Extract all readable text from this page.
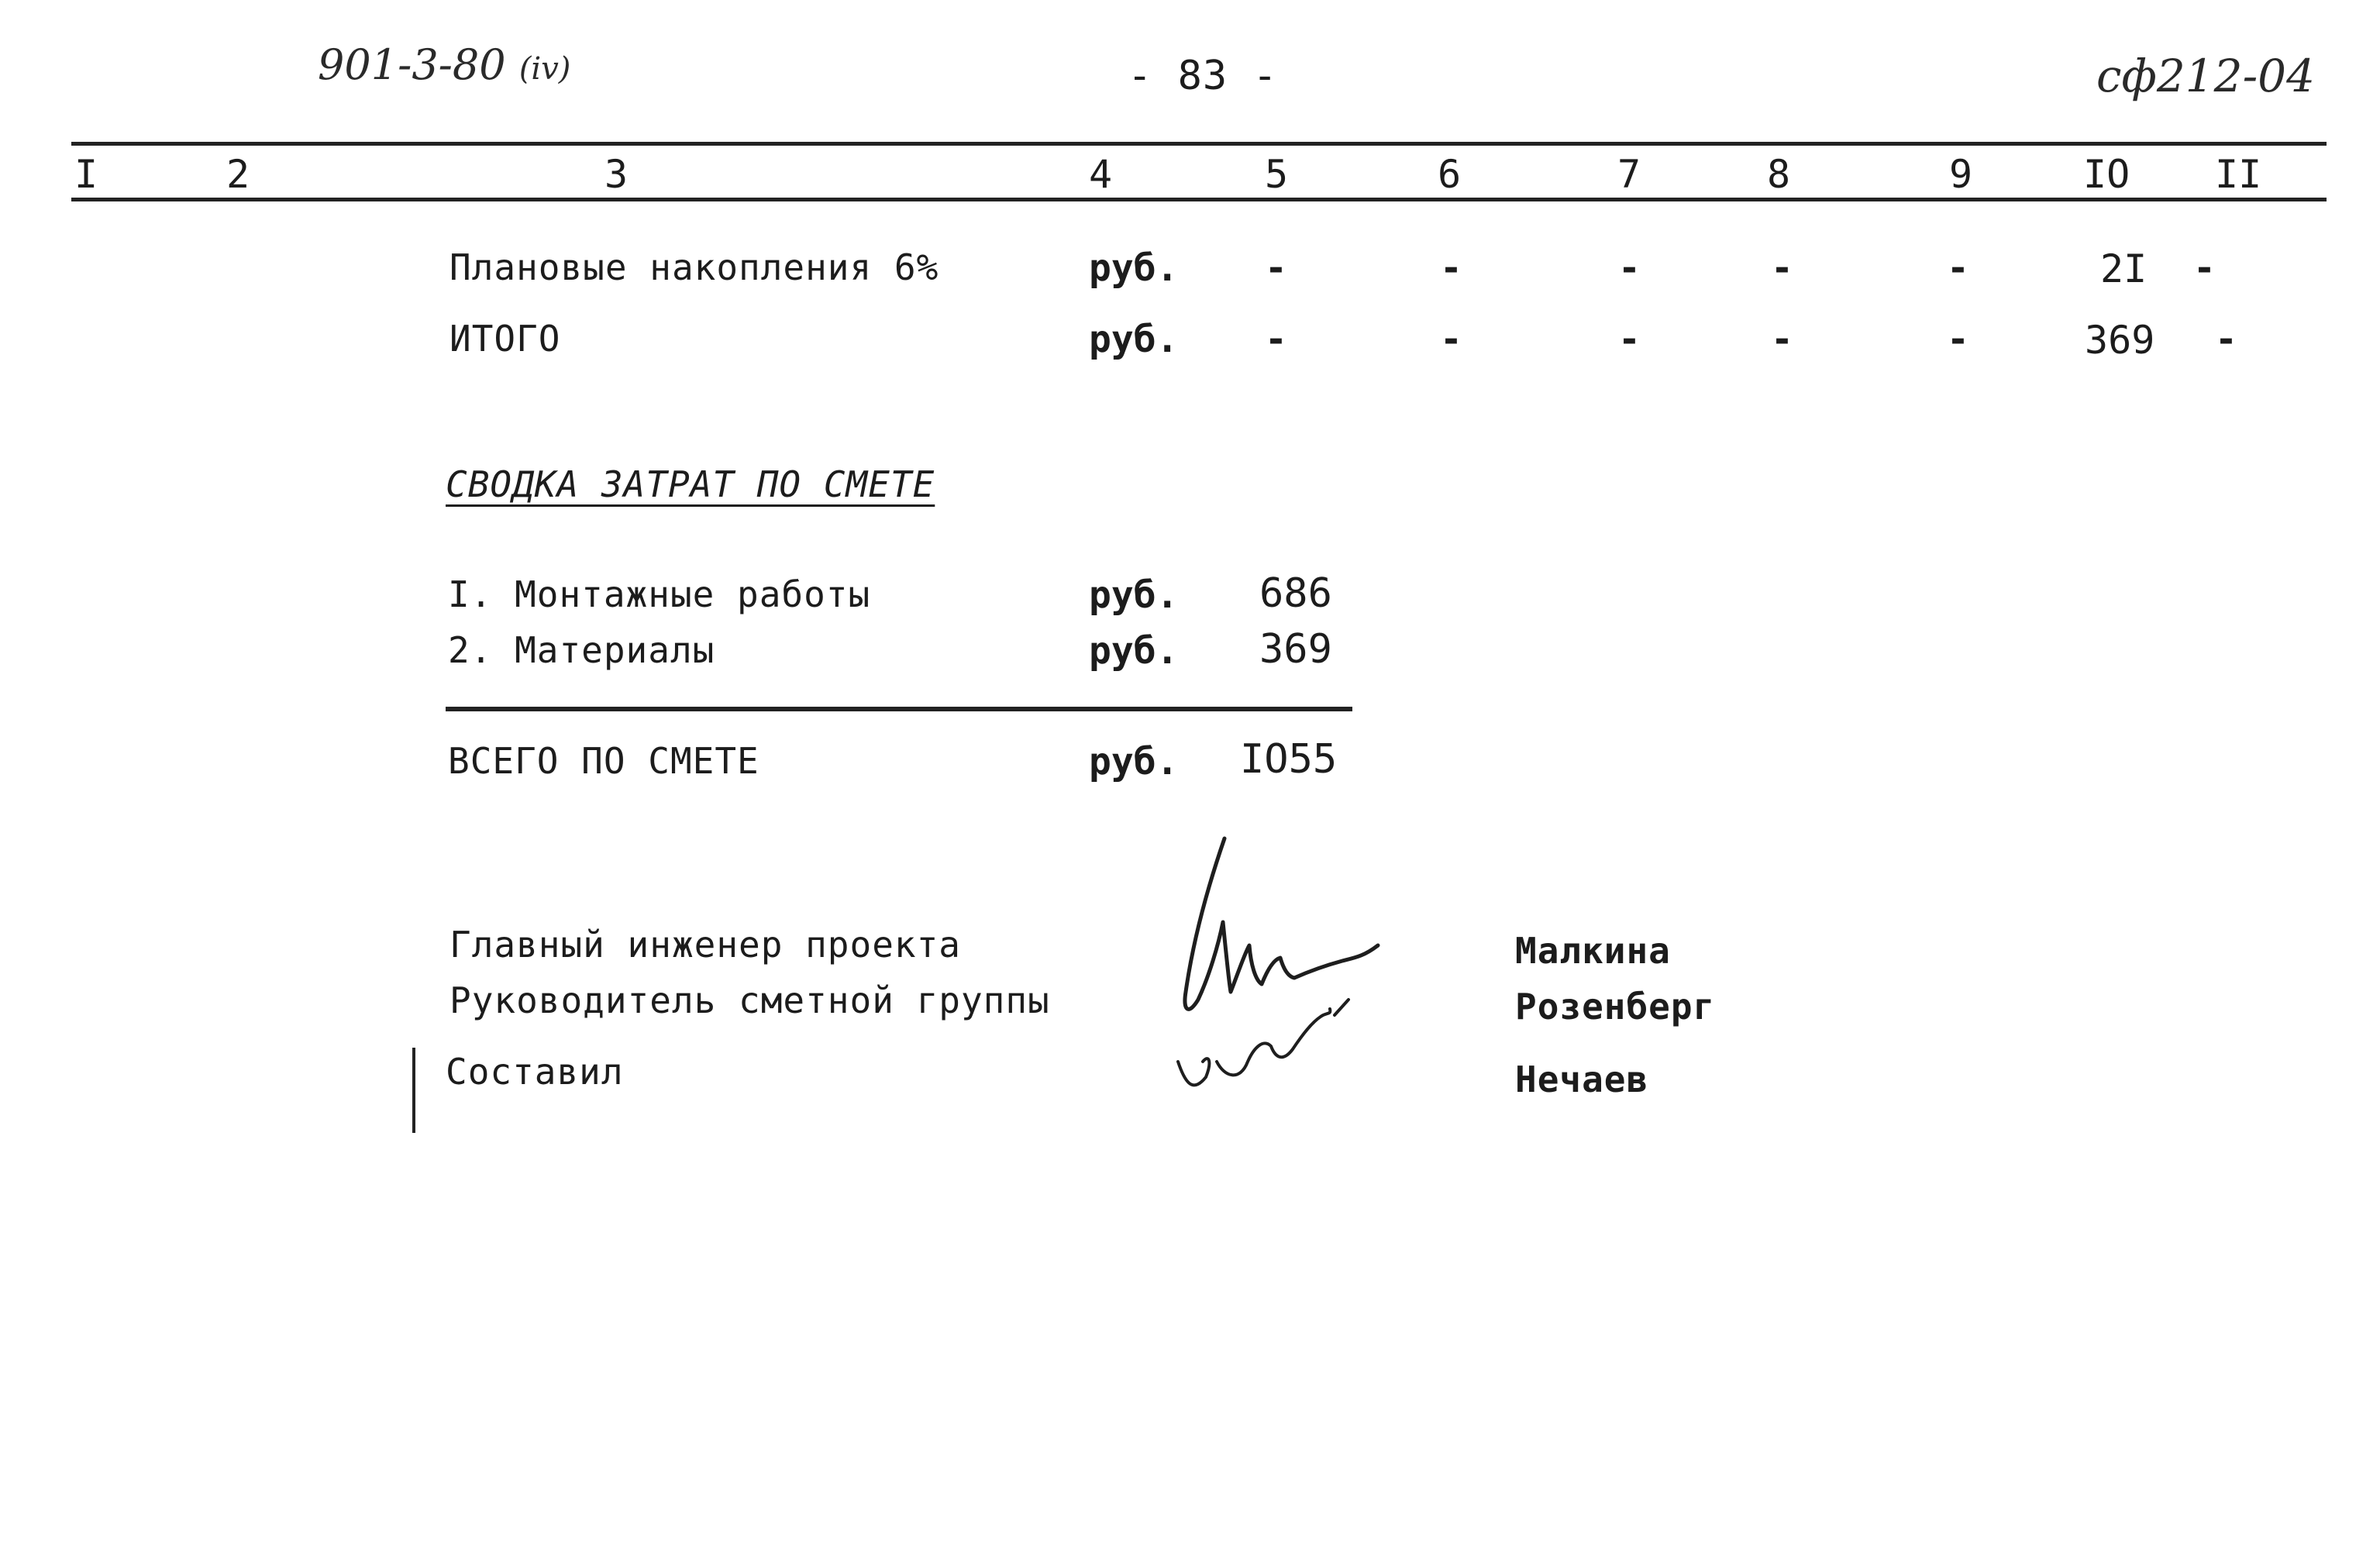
901-3-80 (iv)	- 83 -	сф212-04
I	2	3	4	5	6	7	8	9	IO II
Плановые накопления 6%	руб. -	-	-	-	-	2I -
ИТОГО	руб. -	-	-	-	-	369 -
СВОДКА ЗАТРАТ ПО СМЕТЕ
I. Монтажные работы	руб. 686
2. Материалы	руб. 369
ВСЕГО ПО СМЕТЕ	руб. IO55
Главный инженер проекта
Руководитель сметной группы
Составил
Малкина
Розенберг
Нечаев
